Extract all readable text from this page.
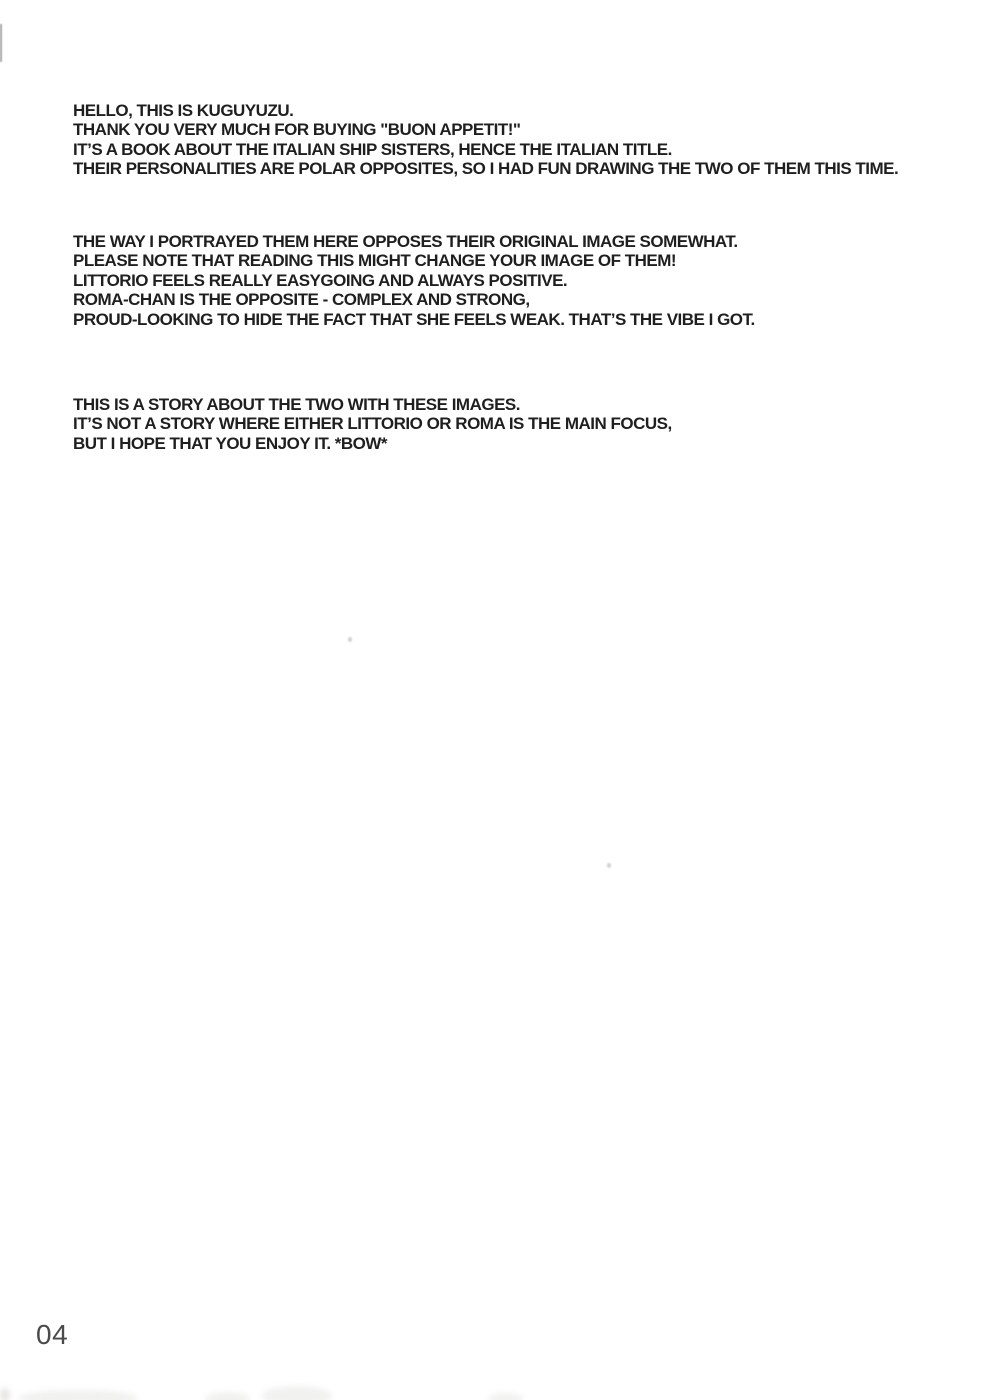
HELLO, THIS IS KUGUYUZU.
THANK YOU VERY MUCH FOR BUYING "BUON APPETIT!"
IT’S A BOOK ABOUT THE ITALIAN SHIP SISTERS, HENCE THE ITALIAN TITLE.
THEIR PERSONALITIES ARE POLAR OPPOSITES, SO I HAD FUN DRAWING THE TWO OF THEM THIS TIME.
THE WAY I PORTRAYED THEM HERE OPPOSES THEIR ORIGINAL IMAGE SOMEWHAT.
PLEASE NOTE THAT READING THIS MIGHT CHANGE YOUR IMAGE OF THEM!
LITTORIO FEELS REALLY EASYGOING AND ALWAYS POSITIVE.
ROMA-CHAN IS THE OPPOSITE - COMPLEX AND STRONG,
PROUD-LOOKING TO HIDE THE FACT THAT SHE FEELS WEAK. THAT’S THE VIBE I GOT.
THIS IS A STORY ABOUT THE TWO WITH THESE IMAGES.
IT’S NOT A STORY WHERE EITHER LITTORIO OR ROMA IS THE MAIN FOCUS,
BUT I HOPE THAT YOU ENJOY IT. *BOW*
04
